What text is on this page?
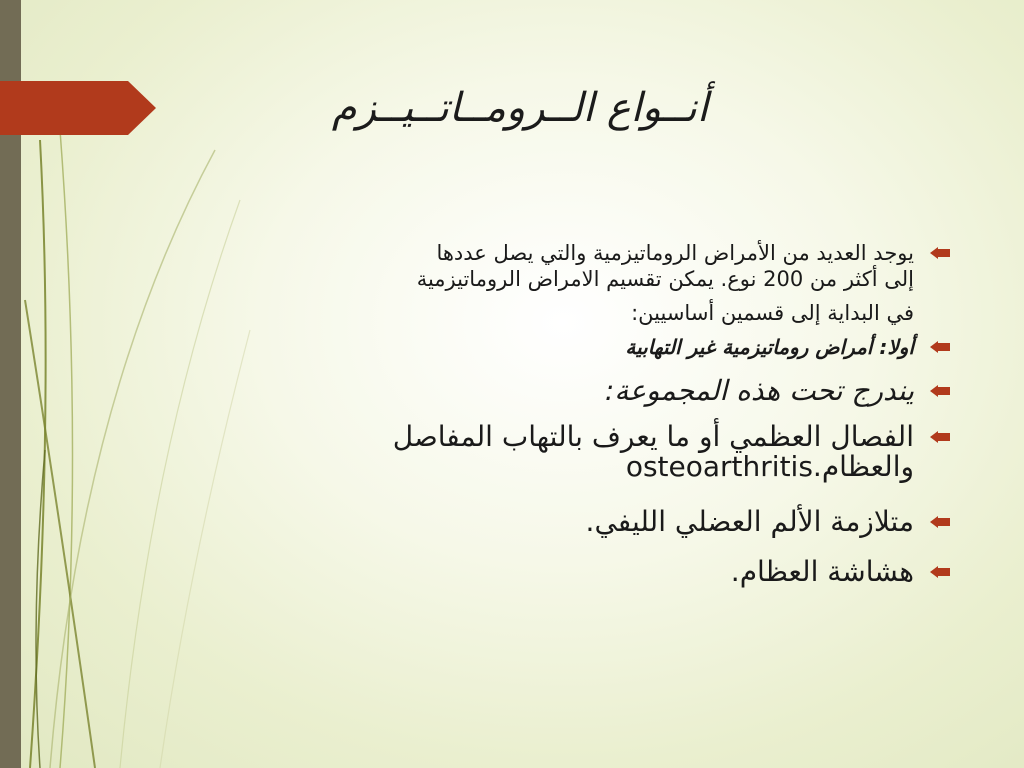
أنــواع الــرومــاتــيــزم
يوجد العديد من الأمراض الروماتيزمية والتي يصل عددها
إلى أكثر من 200 نوع. يمكن تقسيم الامراض الروماتيزمية
في البداية إلى قسمين أساسيين:
أولا: أمراض روماتيزمية غير التهابية
يندرج تحت هذه المجموعة:
الفصال العظمي أو ما يعرف بالتهاب المفاصل والعظام.osteoarthritis
متلازمة الألم العضلي الليفي.
هشاشة العظام.
